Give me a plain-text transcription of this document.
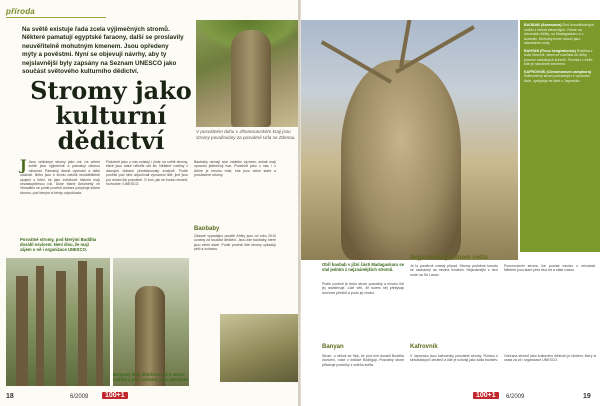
příroda
Na světě existuje řada zcela výjimečných stromů. Některé pamatují egyptské faraony, další se proslavily neuvěřitelně mohutným kmenem. Jsou opředeny mýty a pověstmi. Nyní se objevují návrhy, aby ty nejslavnější byly zapsány na Seznam UNESCO jako součást světového kulturního dědictví.
Stromy jako kulturní dědictví	V posvátném duhu v Jihomoravském kraji jsou stromy považovány za posvátné Urla se Zdenou.
J Jsou velkolepé stromy jako oni, na celém světě jsou výjimečné a pamatují dávnou minulost. Pamatují dávné vymírání a další události. Nebo jsou k životu natolik neoddělitelně spojeni s lidmi, že jako svědkové historie mají nezastupitelnou roli. Duše Marie Antoinetty ve Versailles se podle pověsti dodnes pohybuje kolem stromu, pod kterým si tehdy odpočívala.
Podobně jako u nás existují i jinde na světě stromy, které jsou staré několik set let. Některé rostliny v dávných dobách představovaly svatyně. Podle pověstí pod nimi odpočívali významní lidé, jiné jsou pro místní lidi posvátné. O tom, jak se budou chránit, rozhodne i UNESCO.
Baobaby nemají sice zvláštní význam, avšak mají opravdu jedinečný tvar. Podobně jako u nás, i v Africe je mnoho míst, kde jsou velmi staré a proslavené stromy.
Posvátné stromy, pod kterými Buddha dosáhl osvícení. Není divu, že mají zájem o ně i organizace UNESCO.
Baobaby
Úžasně vypadající pouště Afriky jsou od roku 2010 uznány za součást dědictví. Jsou zde baobaby, které jsou velmi staré. Podle pověstí lidé stromy vyžadují péči a ochranu.
Banyany hrají důležitou roli v místní kultuře a jsou uctívány jako posvátné.
Obří baobab v jižní části Madagaskaru se stal jedním z nejznámějších stromů.

BAOBAB (Adansonia) Rod dvouděložných rostlin z čeledi slézovitých. Roste na savanách Afriky, na Madagaskaru a v Austrálii. Mohutný kmen slouží jako zásobárna vody.

BANYAN (Ficus benghalensis) Rostlina z rodu fíkovník, která se rozrůstá do šířky pomocí vzdušných kořenů. Pochází z Indie, kde je národním stromem.

KAFROVNÍK (Cinnamomum camphora) Stálezelený strom pocházející z východní Asie, vyskytuje se také v Japonsku.

Podle pověstí je tento strom posvátný a mnoho lidí jej navštěvuje. Lidé věří, že kolem něj přebývají duchové předků a proto jej chrání.
Banyan
Strom, u něhož se říká, že pod ním dosáhl Buddha osvícení, roste v indické Bódhgaji. Posvátný strom přitahuje poutníky z celého světa.
Nejpověstnější strom světa
Je to poměrně známý případ. Stromy podobné tomuto se nacházejí na mnoha místech. Nejznámější z nich roste na Srí Lance.
Kafrovník
V Japonsku jsou kafrovníky posvátné stromy. Rostou u šintoistických chrámů a lidé je uctívají jako sídla božstev.
Pozorováním stromu lze poznat mnoho o minulosti. Některé jsou staré přes tisíc let a stále rostou.
Ochrana stromů jako kulturního dědictví je úkolem, který si vzala za cíl i organizace UNESCO.
18	6/2009	100+1	100+1	6/2009	19
